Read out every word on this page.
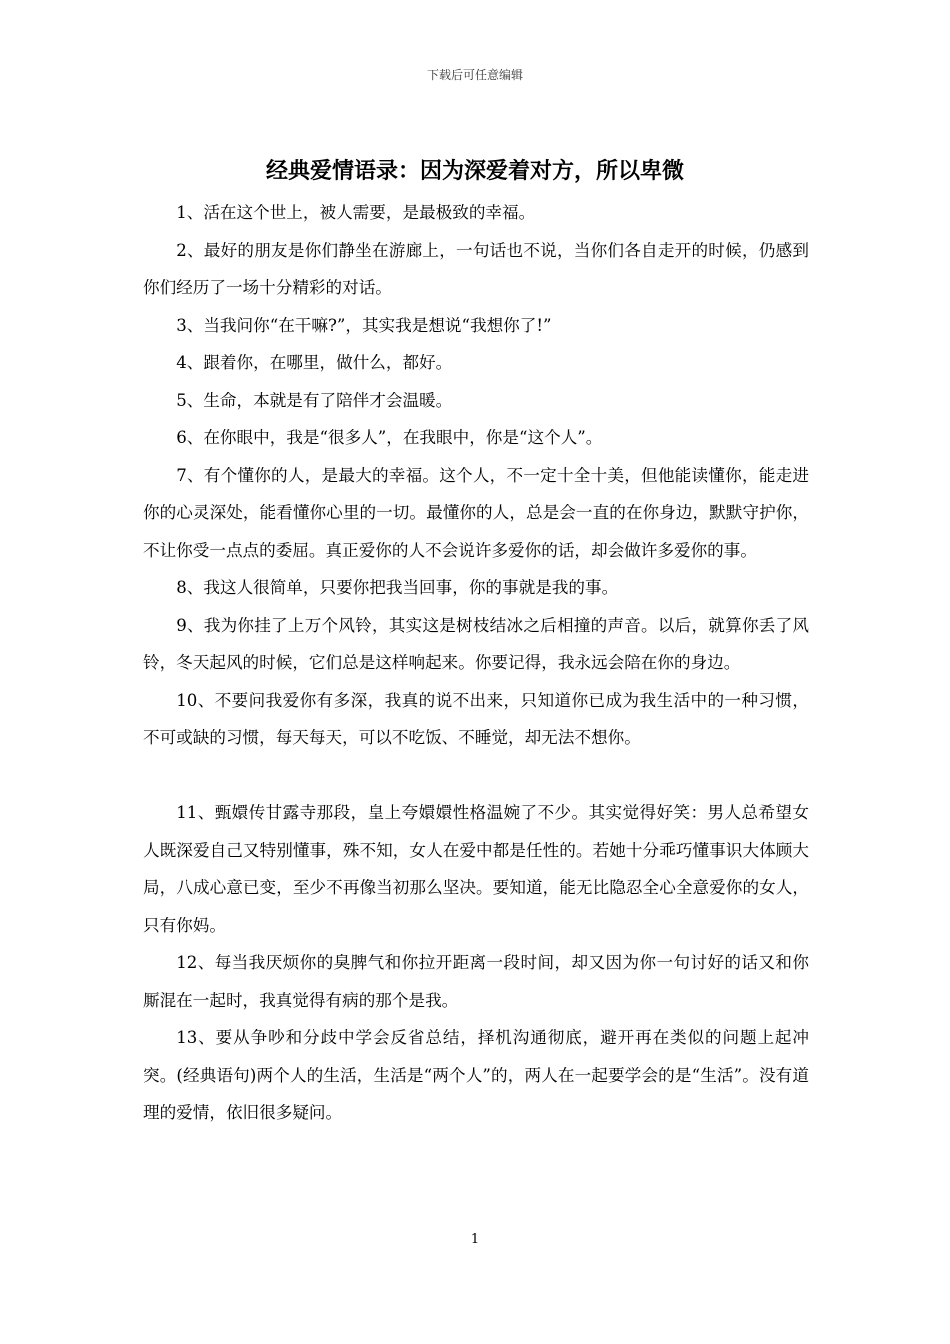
下载后可任意编辑
经典爱情语录：因为深爱着对方，所以卑微

1、活在这个世上，被人需要，是最极致的幸福。

2、最好的朋友是你们静坐在游廊上，一句话也不说，当你们各自走开的时候，仍感到你们经历了一场十分精彩的对话。

3、当我问你“在干嘛?”，其实我是想说“我想你了!”

4、跟着你，在哪里，做什么，都好。

5、生命，本就是有了陪伴才会温暖。

6、在你眼中，我是“很多人”，在我眼中，你是“这个人”。

7、有个懂你的人，是最大的幸福。这个人，不一定十全十美，但他能读懂你，能走进你的心灵深处，能看懂你心里的一切。最懂你的人，总是会一直的在你身边，默默守护你，不让你受一点点的委屈。真正爱你的人不会说许多爱你的话，却会做许多爱你的事。

8、我这人很简单，只要你把我当回事，你的事就是我的事。

9、我为你挂了上万个风铃，其实这是树枝结冰之后相撞的声音。以后，就算你丢了风铃，冬天起风的时候，它们总是这样响起来。你要记得，我永远会陪在你的身边。

10、不要问我爱你有多深，我真的说不出来，只知道你已成为我生活中的一种习惯，不可或缺的习惯，每天每天，可以不吃饭、不睡觉，却无法不想你。

11、甄嬛传甘露寺那段，皇上夸嬛嬛性格温婉了不少。其实觉得好笑：男人总希望女人既深爱自己又特别懂事，殊不知，女人在爱中都是任性的。若她十分乖巧懂事识大体顾大局，八成心意已变，至少不再像当初那么坚决。要知道，能无比隐忍全心全意爱你的女人，只有你妈。

12、每当我厌烦你的臭脾气和你拉开距离一段时间，却又因为你一句讨好的话又和你厮混在一起时，我真觉得有病的那个是我。

13、要从争吵和分歧中学会反省总结，择机沟通彻底，避开再在类似的问题上起冲突。(经典语句)两个人的生活，生活是“两个人”的，两人在一起要学会的是“生活”。没有道理的爱情，依旧很多疑问。

1
